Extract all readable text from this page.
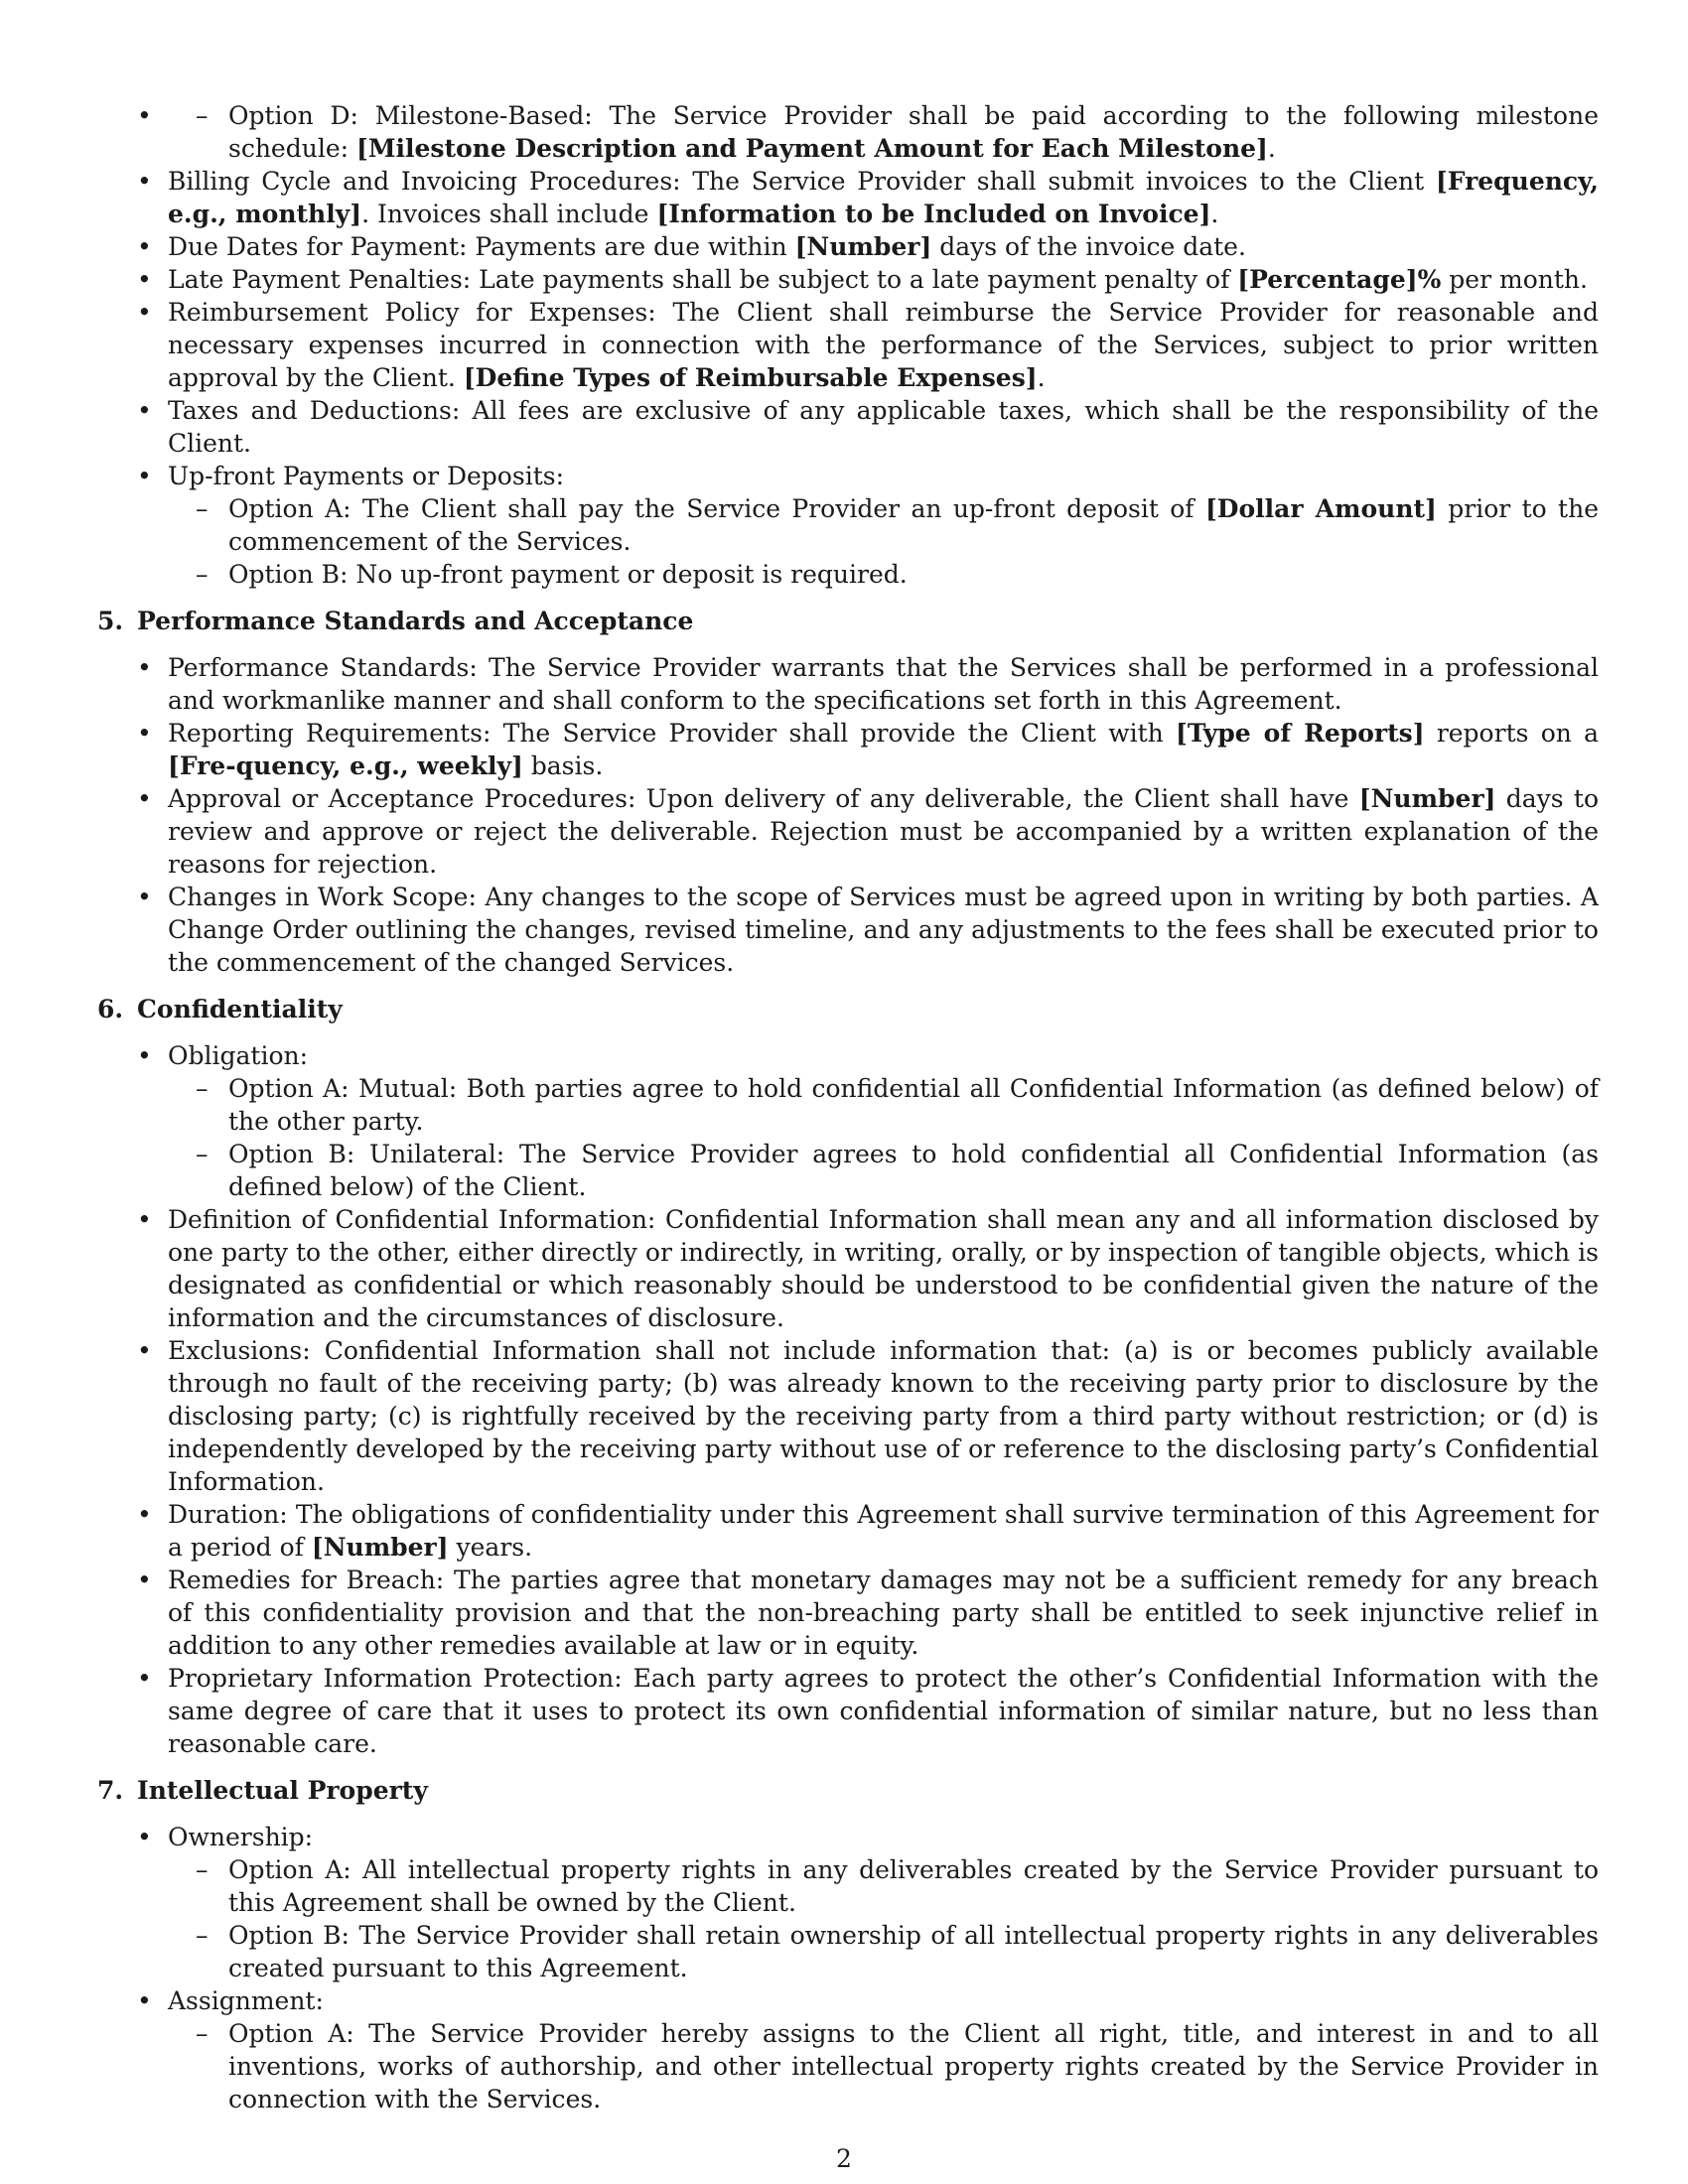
– • Option D: Milestone-Based: The Service Provider shall be paid according to the following milestone schedule: [Milestone Description and Payment Amount for Each Milestone].
• Billing Cycle and Invoicing Procedures: The Service Provider shall submit invoices to the Client [Frequency, e.g., monthly]. Invoices shall include [Information to be Included on Invoice].
• Due Dates for Payment: Payments are due within [Number] days of the invoice date.
• Late Payment Penalties: Late payments shall be subject to a late payment penalty of [Percentage]% per month.
• Reimbursement Policy for Expenses: The Client shall reimburse the Service Provider for reasonable and necessary expenses incurred in connection with the performance of the Services, subject to prior written approval by the Client. [Define Types of Reimbursable Expenses].
• Taxes and Deductions: All fees are exclusive of any applicable taxes, which shall be the responsibility of the Client.
• Up-front Payments or Deposits:
– Option A: The Client shall pay the Service Provider an up-front deposit of [Dollar Amount] prior to the commencement of the Services.
– Option B: No up-front payment or deposit is required.
5. Performance Standards and Acceptance
• Performance Standards: The Service Provider warrants that the Services shall be performed in a professional and workmanlike manner and shall conform to the specifications set forth in this Agreement.
• Reporting Requirements: The Service Provider shall provide the Client with [Type of Reports] reports on a [Fre-quency, e.g., weekly] basis.
• Approval or Acceptance Procedures: Upon delivery of any deliverable, the Client shall have [Number] days to review and approve or reject the deliverable. Rejection must be accompanied by a written explanation of the reasons for rejection.
• Changes in Work Scope: Any changes to the scope of Services must be agreed upon in writing by both parties. A Change Order outlining the changes, revised timeline, and any adjustments to the fees shall be executed prior to the commencement of the changed Services.
6. Confidentiality
• Obligation:
– Option A: Mutual: Both parties agree to hold confidential all Confidential Information (as defined below) of the other party.
– Option B: Unilateral: The Service Provider agrees to hold confidential all Confidential Information (as defined below) of the Client.
• Definition of Confidential Information: Confidential Information shall mean any and all information disclosed by one party to the other, either directly or indirectly, in writing, orally, or by inspection of tangible objects, which is designated as confidential or which reasonably should be understood to be confidential given the nature of the information and the circumstances of disclosure.
• Exclusions: Confidential Information shall not include information that: (a) is or becomes publicly available through no fault of the receiving party; (b) was already known to the receiving party prior to disclosure by the disclosing party; (c) is rightfully received by the receiving party from a third party without restriction; or (d) is independently developed by the receiving party without use of or reference to the disclosing party’s Confidential Information.
• Duration: The obligations of confidentiality under this Agreement shall survive termination of this Agreement for a period of [Number] years.
• Remedies for Breach: The parties agree that monetary damages may not be a sufficient remedy for any breach of this confidentiality provision and that the non-breaching party shall be entitled to seek injunctive relief in addition to any other remedies available at law or in equity.
• Proprietary Information Protection: Each party agrees to protect the other’s Confidential Information with the same degree of care that it uses to protect its own confidential information of similar nature, but no less than reasonable care.
7. Intellectual Property
• Ownership:
– Option A: All intellectual property rights in any deliverables created by the Service Provider pursuant to this Agreement shall be owned by the Client.
– Option B: The Service Provider shall retain ownership of all intellectual property rights in any deliverables created pursuant to this Agreement.
• Assignment:
– Option A: The Service Provider hereby assigns to the Client all right, title, and interest in and to all inventions, works of authorship, and other intellectual property rights created by the Service Provider in connection with the Services.
2
